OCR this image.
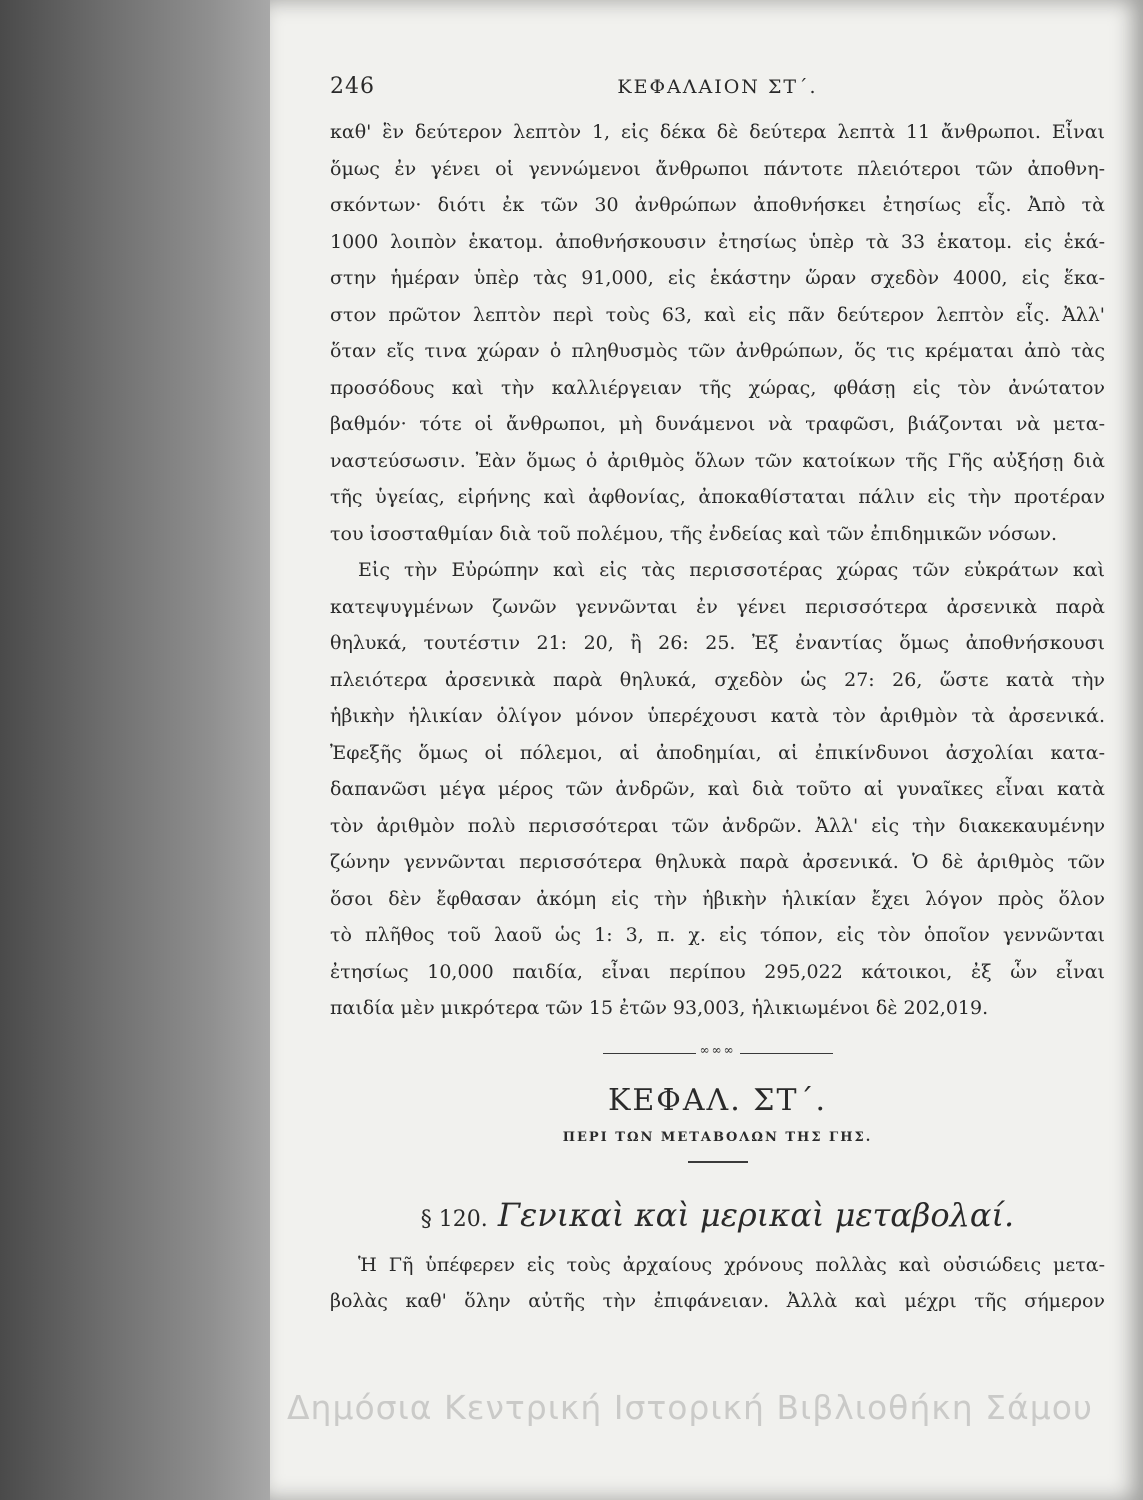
246	ΚΕΦΑΛΑΙΟΝ ΣΤ΄.
καθ' ἓν δεύτερον λεπτὸν 1, εἰς δέκα δὲ δεύτερα λεπτὰ 11 ἄνθρωποι. Εἶναι
ὅμως ἐν γένει οἱ γεννώμενοι ἄνθρωποι πάντοτε πλειότεροι τῶν ἀποθνη-
σκόντων· διότι ἐκ τῶν 30 ἀνθρώπων ἀποθνήσκει ἐτησίως εἷς. Ἀπὸ τὰ
1000 λοιπὸν ἑκατομ. ἀποθνήσκουσιν ἐτησίως ὑπὲρ τὰ 33 ἑκατομ. εἰς ἑκά-
στην ἡμέραν ὑπὲρ τὰς 91,000, εἰς ἑκάστην ὥραν σχεδὸν 4000, εἰς ἕκα-
στον πρῶτον λεπτὸν περὶ τοὺς 63, καὶ εἰς πᾶν δεύτερον λεπτὸν εἷς. Ἀλλ'
ὅταν εἴς τινα χώραν ὁ πληθυσμὸς τῶν ἀνθρώπων, ὅς τις κρέμαται ἀπὸ τὰς
προσόδους καὶ τὴν καλλιέργειαν τῆς χώρας, φθάσῃ εἰς τὸν ἀνώτατον
βαθμόν· τότε οἱ ἄνθρωποι, μὴ δυνάμενοι νὰ τραφῶσι, βιάζονται νὰ μετα-
ναστεύσωσιν. Ἐὰν ὅμως ὁ ἀριθμὸς ὅλων τῶν κατοίκων τῆς Γῆς αὐξήσῃ διὰ
τῆς ὑγείας, εἰρήνης καὶ ἀφθονίας, ἀποκαθίσταται πάλιν εἰς τὴν προτέραν
του ἰσοσταθμίαν διὰ τοῦ πολέμου, τῆς ἐνδείας καὶ τῶν ἐπιδημικῶν νόσων.
Εἰς τὴν Εὐρώπην καὶ εἰς τὰς περισσοτέρας χώρας τῶν εὐκράτων καὶ
κατεψυγμένων ζωνῶν γεννῶνται ἐν γένει περισσότερα ἀρσενικὰ παρὰ
θηλυκά, τουτέστιν 21: 20, ἢ 26: 25. Ἐξ ἐναντίας ὅμως ἀποθνήσκουσι
πλειότερα ἀρσενικὰ παρὰ θηλυκά, σχεδὸν ὡς 27: 26, ὥστε κατὰ τὴν
ἡβικὴν ἡλικίαν ὀλίγον μόνον ὑπερέχουσι κατὰ τὸν ἀριθμὸν τὰ ἀρσενικά.
Ἐφεξῆς ὅμως οἱ πόλεμοι, αἱ ἀποδημίαι, αἱ ἐπικίνδυνοι ἀσχολίαι κατα-
δαπανῶσι μέγα μέρος τῶν ἀνδρῶν, καὶ διὰ τοῦτο αἱ γυναῖκες εἶναι κατὰ
τὸν ἀριθμὸν πολὺ περισσότεραι τῶν ἀνδρῶν. Ἀλλ' εἰς τὴν διακεκαυμένην
ζώνην γεννῶνται περισσότερα θηλυκὰ παρὰ ἀρσενικά. Ὁ δὲ ἀριθμὸς τῶν
ὅσοι δὲν ἔφθασαν ἀκόμη εἰς τὴν ἡβικὴν ἡλικίαν ἔχει λόγον πρὸς ὅλον
τὸ πλῆθος τοῦ λαοῦ ὡς 1: 3, π. χ. εἰς τόπον, εἰς τὸν ὁποῖον γεννῶνται
ἐτησίως 10,000 παιδία, εἶναι περίπου 295,022 κάτοικοι, ἐξ ὧν εἶναι
παιδία μὲν μικρότερα τῶν 15 ἐτῶν 93,003, ἡλικιωμένοι δὲ 202,019.
∞∞∞
ΚΕΦΑΛ. ΣΤ΄.
ΠΕΡΙ ΤΩΝ ΜΕΤΑΒΟΛΩΝ ΤΗΣ ΓΗΣ.
§ 120. Γενικαὶ καὶ μερικαὶ μεταβολαί.
Ἡ Γῆ ὑπέφερεν εἰς τοὺς ἀρχαίους χρόνους πολλὰς καὶ οὐσιώδεις μετα-
βολὰς καθ' ὅλην αὐτῆς τὴν ἐπιφάνειαν. Ἀλλὰ καὶ μέχρι τῆς σήμερον
Δημόσια Κεντρική Ιστορική Βιβλιοθήκη Σάμου
